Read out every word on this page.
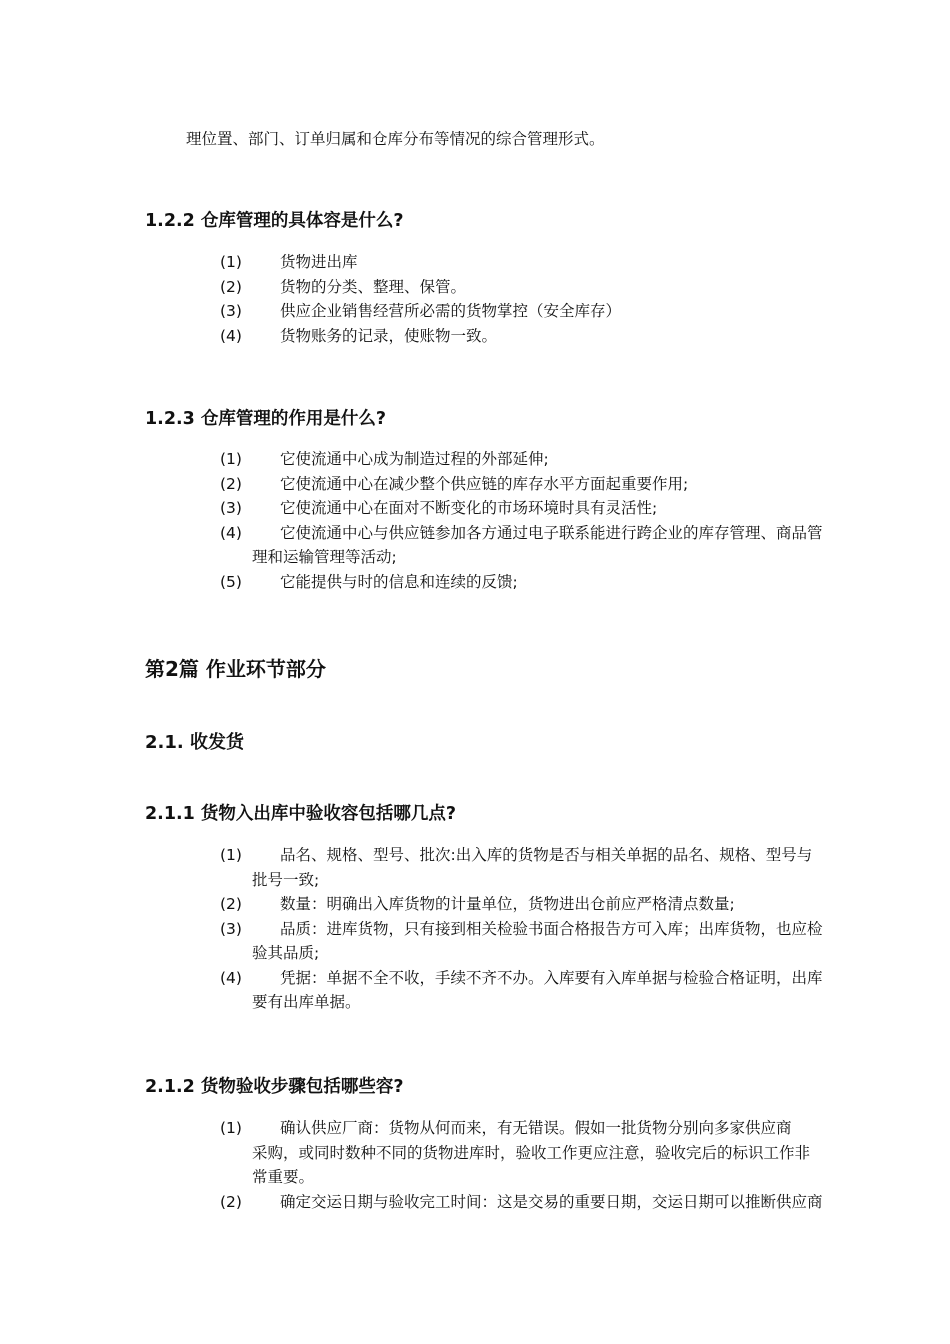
理位置、部门、订单归属和仓库分布等情况的综合管理形式。
1.2.2 仓库管理的具体容是什么?
(1) 货物进出库
(2) 货物的分类、整理、保管。
(3) 供应企业销售经营所必需的货物掌控（安全库存）
(4) 货物账务的记录，使账物一致。
1.2.3 仓库管理的作用是什么?
(1) 它使流通中心成为制造过程的外部延伸;
(2) 它使流通中心在减少整个供应链的库存水平方面起重要作用;
(3) 它使流通中心在面对不断变化的市场环境时具有灵活性;
(4) 它使流通中心与供应链参加各方通过电子联系能进行跨企业的库存管理、商品管
理和运输管理等活动;
(5) 它能提供与时的信息和连续的反馈;
第2篇 作业环节部分
2.1. 收发货
2.1.1 货物入出库中验收容包括哪几点?
(1) 品名、规格、型号、批次:出入库的货物是否与相关单据的品名、规格、型号与
批号一致;
(2) 数量：明确出入库货物的计量单位，货物进出仓前应严格清点数量;
(3) 品质：进库货物，只有接到相关检验书面合格报告方可入库；出库货物，也应检
验其品质;
(4) 凭据：单据不全不收，手续不齐不办。入库要有入库单据与检验合格证明，出库
要有出库单据。
2.1.2 货物验收步骤包括哪些容?
(1) 确认供应厂商：货物从何而来，有无错误。假如一批货物分别向多家供应商
采购，或同时数种不同的货物进库时，验收工作更应注意，验收完后的标识工作非
常重要。
(2) 确定交运日期与验收完工时间：这是交易的重要日期，交运日期可以推断供应商
